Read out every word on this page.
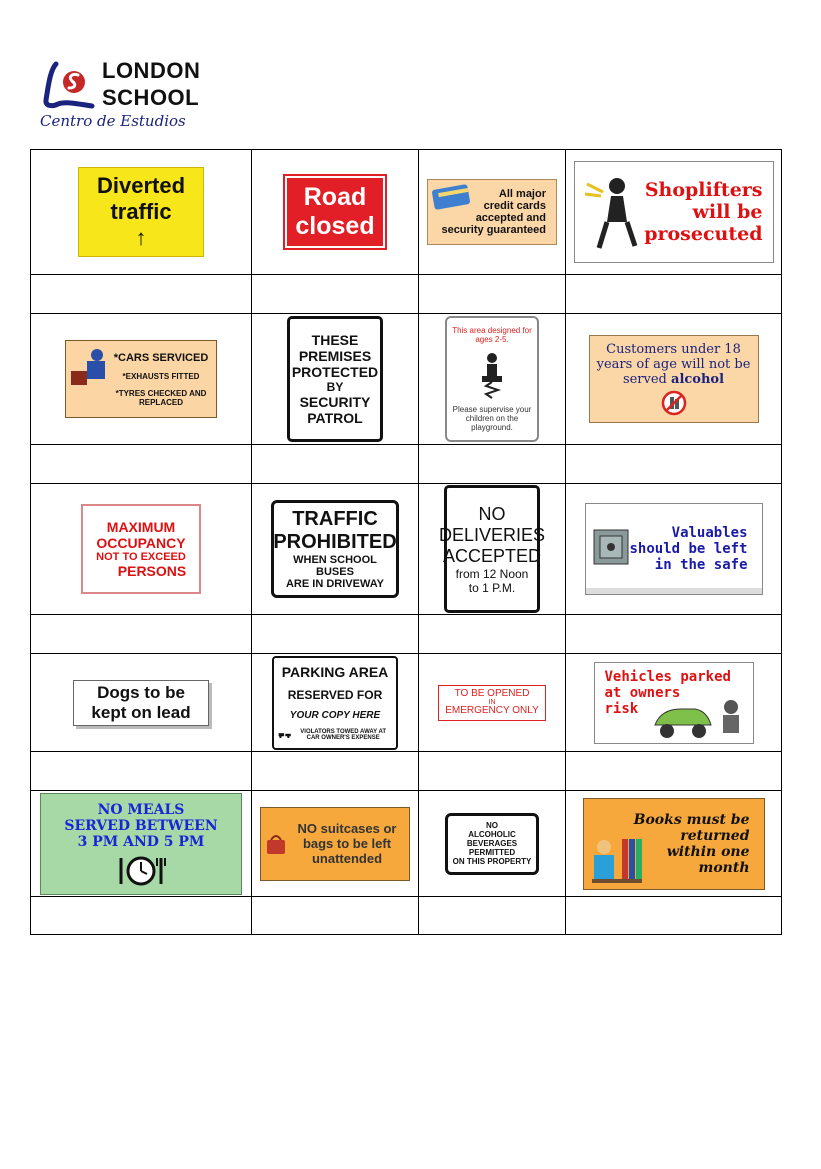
LONDON
SCHOOL
Centro de Estudios
Diverted
traffic
↑
Road
closed
All major
credit cards
accepted and
security guaranteed
Shoplifters
will be
prosecuted
*CARS SERVICED
*EXHAUSTS FITTED
*TYRES CHECKED AND REPLACED
THESE
PREMISES
PROTECTED
BY
SECURITY
PATROL
This area designed for ages 2-5.
Please supervise your children on the playground.
Customers under 18
years of age will not be
served alcohol
MAXIMUM
OCCUPANCY
NOT TO EXCEED
PERSONS
TRAFFIC
PROHIBITED
WHEN SCHOOL BUSES
ARE IN DRIVEWAY
NO
DELIVERIES
ACCEPTED
from 12 Noon
to 1 P.M.
Valuables
should be left
in the safe
Dogs to be
kept on lead
PARKING AREA
RESERVED FOR
YOUR COPY HERE
VIOLATORS TOWED AWAY AT CAR OWNER'S EXPENSE
TO BE OPENED
IN
EMERGENCY ONLY
Vehicles parked
at owners
risk
NO MEALS
SERVED BETWEEN
3 PM AND 5 PM
NO suitcases or
bags to be left
unattended
NO
ALCOHOLIC BEVERAGES
PERMITTED
ON THIS PROPERTY
Books must be
returned
within one
month
